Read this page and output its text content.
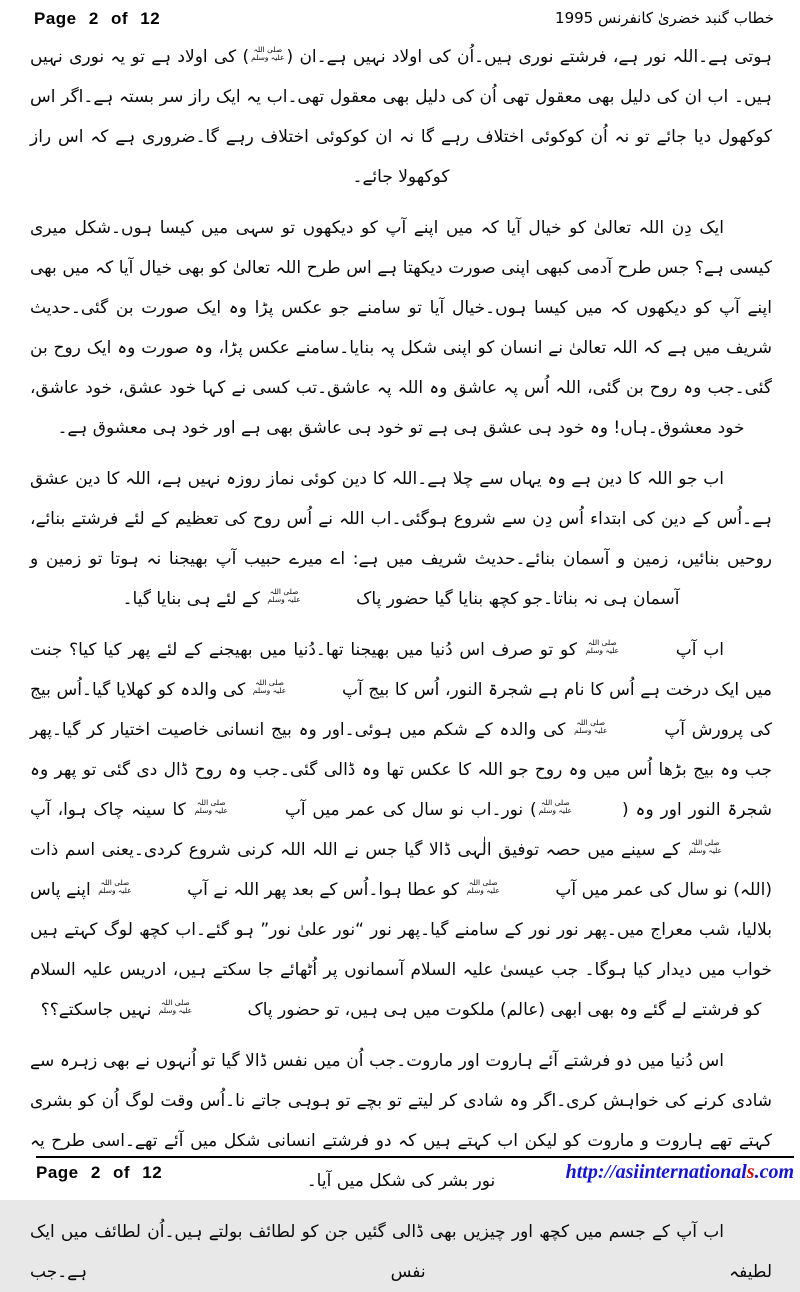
Page 2 of 12	خطاب گنبد خضریٰ کانفرنس 1995

ہوتی ہے۔اللہ نور ہے، فرشتے نوری ہیں۔اُن کی اولاد نہیں ہے۔ان (
صلی اللہ
علیہ وسلم
) کی اولاد ہے تو یہ نوری نہیں ہیں۔ اب ان کی دلیل بھی معقول تھی اُن کی دلیل بھی معقول تھی۔اب یہ ایک راز سر بستہ ہے۔اگر اس کوکھول دیا جائے تو نہ اُن کوکوئی اختلاف رہے گا نہ ان کوکوئی اختلاف رہے گا۔ضروری ہے کہ اس راز کوکھولا جائے۔

ایک دِن اللہ تعالیٰ کو خیال آیا کہ میں اپنے آپ کو دیکھوں تو سہی میں کیسا ہوں۔شکل میری کیسی ہے؟ جس طرح آدمی کبھی اپنی صورت دیکھتا ہے اس طرح اللہ تعالیٰ کو بھی خیال آیا کہ میں بھی اپنے آپ کو دیکھوں کہ میں کیسا ہوں۔خیال آیا تو سامنے جو عکس پڑا وہ ایک صورت بن گئی۔حدیث شریف میں ہے کہ اللہ تعالیٰ نے انسان کو اپنی شکل پہ بنایا۔سامنے عکس پڑا، وہ صورت وہ ایک روح بن گئی۔جب وہ روح بن گئی، اللہ اُس پہ عاشق وہ اللہ پہ عاشق۔تب کسی نے کہا خود عشق، خود عاشق، خود معشوق۔ہاں! وہ خود ہی عشق ہی ہے تو خود ہی عاشق بھی ہے اور خود ہی معشوق ہے۔

اب جو اللہ کا دین ہے وہ یہاں سے چلا ہے۔اللہ کا دین کوئی نماز روزہ نہیں ہے، اللہ کا دین عشق ہے۔اُس کے دین کی ابتداء اُس دِن سے شروع ہوگئی۔اب اللہ نے اُس روح کی تعظیم کے لئے فرشتے بنائے، روحیں بنائیں، زمین و آسمان بنائے۔حدیث شریف میں ہے: اے میرے حبیب آپ بھیجنا نہ ہوتا تو زمین و آسمان ہی نہ بناتا۔جو کچھ بنایا گیا حضور پاک
صلی اللہ
علیہ وسلم
کے لئے ہی بنایا گیا۔

اب آپ
صلی اللہ
علیہ وسلم
کو تو صرف اس دُنیا میں بھیجنا تھا۔دُنیا میں بھیجنے کے لئے پھر کیا کیا؟ جنت میں ایک درخت ہے اُس کا نام ہے شجرۃ النور، اُس کا بیج آپ
صلی اللہ
علیہ وسلم
کی والدہ کو کھلایا گیا۔اُس بیج کی پرورش آپ
صلی اللہ
علیہ وسلم
کی والدہ کے شکم میں ہوئی۔اور وہ بیج انسانی خاصیت اختیار کر گیا۔پھر جب وہ بیج بڑھا اُس میں وہ روح جو اللہ کا عکس تھا وہ ڈالی گئی۔جب وہ روح ڈال دی گئی تو پھر وہ شجرۃ النور اور وہ (
صلی اللہ
علیہ وسلم
) نور۔اب نو سال کی عمر میں آپ
صلی اللہ
علیہ وسلم
کا سینہ چاک ہوا، آپ
صلی اللہ
علیہ وسلم
کے سینے میں حصہ توفیق الٰہی ڈالا گیا جس نے اللہ اللہ کرنی شروع کردی۔یعنی اسم ذات (اللہ) نو سال کی عمر میں آپ
صلی اللہ
علیہ وسلم
کو عطا ہوا۔اُس کے بعد پھر اللہ نے آپ
صلی اللہ
علیہ وسلم
اپنے پاس بلالیا، شب معراج میں۔پھر نور نور کے سامنے گیا۔پھر نور “نور علیٰ نور” ہو گئے۔اب کچھ لوگ کہتے ہیں خواب میں دیدار کیا ہوگا۔ جب عیسیٰ علیہ السلام آسمانوں پر اُٹھائے جا سکتے ہیں، ادریس علیہ السلام کو فرشتے لے گئے وہ بھی ابھی (عالم) ملکوت میں ہی ہیں، تو حضور پاک
صلی اللہ
علیہ وسلم
نہیں جاسکتے؟؟

اس دُنیا میں دو فرشتے آئے ہاروت اور ماروت۔جب اُن میں نفس ڈالا گیا تو اُنہوں نے بھی زہرہ سے شادی کرنے کی خواہش کری۔اگر وہ شادی کر لیتے تو بچے تو ہوہی جاتے نا۔اُس وقت لوگ اُن کو بشری کہتے تھے ہاروت و ماروت کو لیکن اب کہتے ہیں کہ دو فرشتے انسانی شکل میں آئے تھے۔اسی طرح یہ نور بشر کی شکل میں آیا۔

اب آپ کے جسم میں کچھ اور چیزیں بھی ڈالی گئیں جن کو لطائف بولتے ہیں۔اُن لطائف میں ایک لطیفہ نفس ہے۔جب

Page 2 of 12	http://asiinternationals.com
